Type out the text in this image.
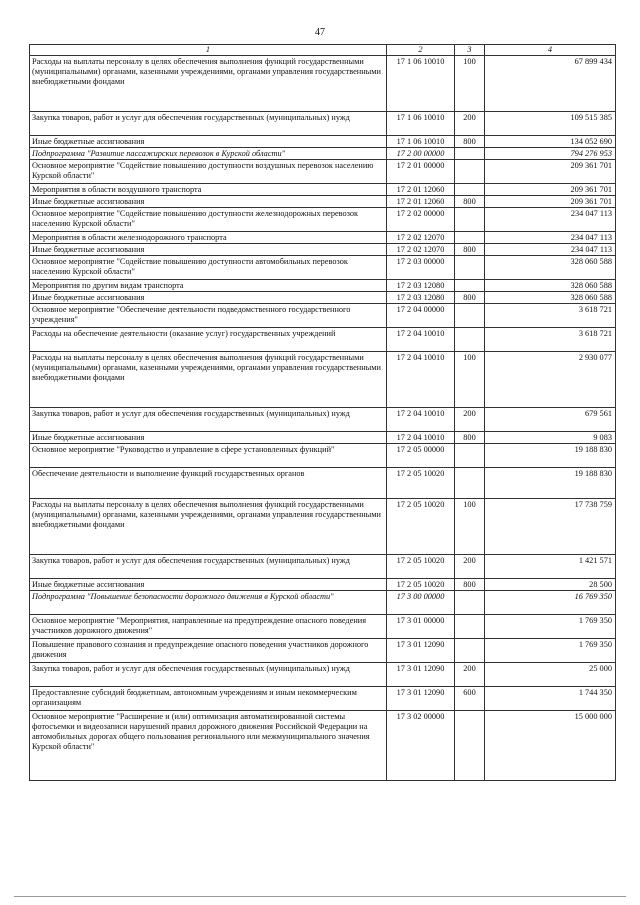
47
1	2	3	4
Расходы на выплаты персоналу в целях обеспечения выполнения функций государственными (муниципальными) органами, казенными учреждениями, органами управления государственными внебюджетными фондами	17 1 06 10010	100	67 899 434
Закупка товаров, работ и услуг для обеспечения государственных (муниципальных) нужд	17 1 06 10010	200	109 515 385
Иные бюджетные ассигнования	17 1 06 10010	800	134 052 690
Подпрограмма "Развитие пассажирских перевозок в Курской области"	17 2 00 00000		794 276 953
Основное мероприятие "Содействие повышению доступности воздушных перевозок населению Курской области"	17 2 01 00000		209 361 701
Мероприятия в области воздушного транспорта	17 2 01 12060		209 361 701
Иные бюджетные ассигнования	17 2 01 12060	800	209 361 701
Основное мероприятие "Содействие повышению доступности железнодорожных перевозок населению Курской области"	17 2 02 00000		234 047 113
Мероприятия в области железнодорожного транспорта	17 2 02 12070		234 047 113
Иные бюджетные ассигнования	17 2 02 12070	800	234 047 113
Основное мероприятие "Содействие повышению доступности автомобильных перевозок населению Курской области"	17 2 03 00000		328 060 588
Мероприятия по другим видам транспорта	17 2 03 12080		328 060 588
Иные бюджетные ассигнования	17 2 03 12080	800	328 060 588
Основное мероприятие "Обеспечение деятельности подведомственного государственного учреждения"	17 2 04 00000		3 618 721
Расходы на обеспечение деятельности (оказание услуг) государственных учреждений	17 2 04 10010		3 618 721
Расходы на выплаты персоналу в целях обеспечения выполнения функций государственными (муниципальными) органами, казенными учреждениями, органами управления государственными внебюджетными фондами	17 2 04 10010	100	2 930 077
Закупка товаров, работ и услуг для обеспечения государственных (муниципальных) нужд	17 2 04 10010	200	679 561
Иные бюджетные ассигнования	17 2 04 10010	800	9 083
Основное мероприятие "Руководство и управление в сфере установленных функций"	17 2 05 00000		19 188 830
Обеспечение деятельности и выполнение функций государственных органов	17 2 05 10020		19 188 830
Расходы на выплаты персоналу в целях обеспечения выполнения функций государственными (муниципальными) органами, казенными учреждениями, органами управления государственными внебюджетными фондами	17 2 05 10020	100	17 738 759
Закупка товаров, работ и услуг для обеспечения государственных (муниципальных) нужд	17 2 05 10020	200	1 421 571
Иные бюджетные ассигнования	17 2 05 10020	800	28 500
Подпрограмма "Повышение безопасности дорожного движения в Курской области"	17 3 00 00000		16 769 350
Основное мероприятие "Мероприятия, направленные на предупреждение опасного поведения участников дорожного движения"	17 3 01 00000		1 769 350
Повышение правового сознания и предупреждение опасного поведения участников дорожного движения	17 3 01 12090		1 769 350
Закупка товаров, работ и услуг для обеспечения государственных (муниципальных) нужд	17 3 01 12090	200	25 000
Предоставление субсидий бюджетным, автономным учреждениям и иным некоммерческим организациям	17 3 01 12090	600	1 744 350
Основное мероприятие "Расширение и (или) оптимизация автоматизированной системы фотосъемки и видеозаписи нарушений правил дорожного движения Российской Федерации на автомобильных дорогах общего пользования регионального или межмуниципального значения Курской области"	17 3 02 00000		15 000 000
